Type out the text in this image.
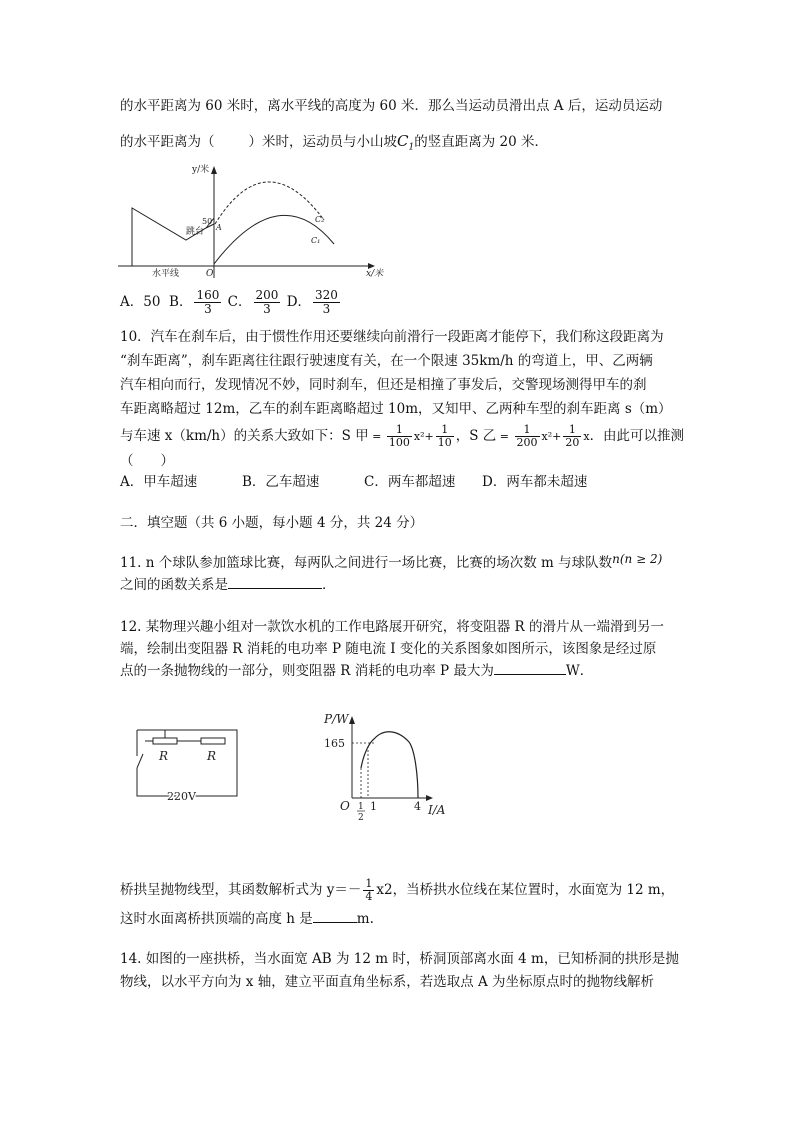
的水平距离为 60 米时，离水平线的高度为 60 米．那么当运动员滑出点 A 后，运动员运动
的水平距离为（	）米时，运动员与小山坡$C_1$的竖直距离为 20 米．
y/米
x/米
50
跳台 A
C₂
C₁
O
水平线
A．50 B． $\frac{160}{3}$ C． $\frac{200}{3}$ D． $\frac{320}{3}$
10．汽车在刹车后，由于惯性作用还要继续向前滑行一段距离才能停下，我们称这段距离为
“刹车距离”，刹车距离往往跟行驶速度有关，在一个限速 35km/h 的弯道上，甲、乙两辆
汽车相向而行，发现情况不妙，同时刹车，但还是相撞了事发后，交警现场测得甲车的刹
车距离略超过 12m，乙车的刹车距离略超过 10m，又知甲、乙两种车型的刹车距离 s（m）
与车速 x（km/h）的关系大致如下：S 甲 = $\frac{1}{100} x^2+ \frac{1}{10}$ ，S 乙 = $\frac{1}{200} x^2+ \frac{1}{20}$ x．由此可以推测
（　　）
A．甲车超速	B．乙车超速	C．两车都超速 D．两车都未超速
二．填空题（共 6 小题，每小题 4 分，共 24 分）
11. n 个球队参加篮球比赛，每两队之间进行一场比赛，比赛的场次数 m 与球队数n(n ≥ 2)
之间的函数关系是	．
12. 某物理兴趣小组对一款饮水机的工作电路展开研究，将变阻器 R 的滑片从一端滑到另一
端，绘制出变阻器 R 消耗的电功率 P 随电流 I 变化的关系图象如图所示，该图象是经过原
点的一条抛物线的一部分，则变阻器 R 消耗的电功率 P 最大为	W．
R	R
220V
P/W
I/A
165
O 1
2
1	4
桥拱呈抛物线型，其函数解析式为 $y=- \frac{1}{4} x2$，当桥拱水位线在某位置时，水面宽为 12 m，
这时水面离桥拱顶端的高度 h 是	m.
14. 如图的一座拱桥，当水面宽 AB 为 12 m 时，桥洞顶部离水面 4 m，已知桥洞的拱形是抛
物线，以水平方向为 x 轴，建立平面直角坐标系，若选取点 A 为坐标原点时的抛物线解析
